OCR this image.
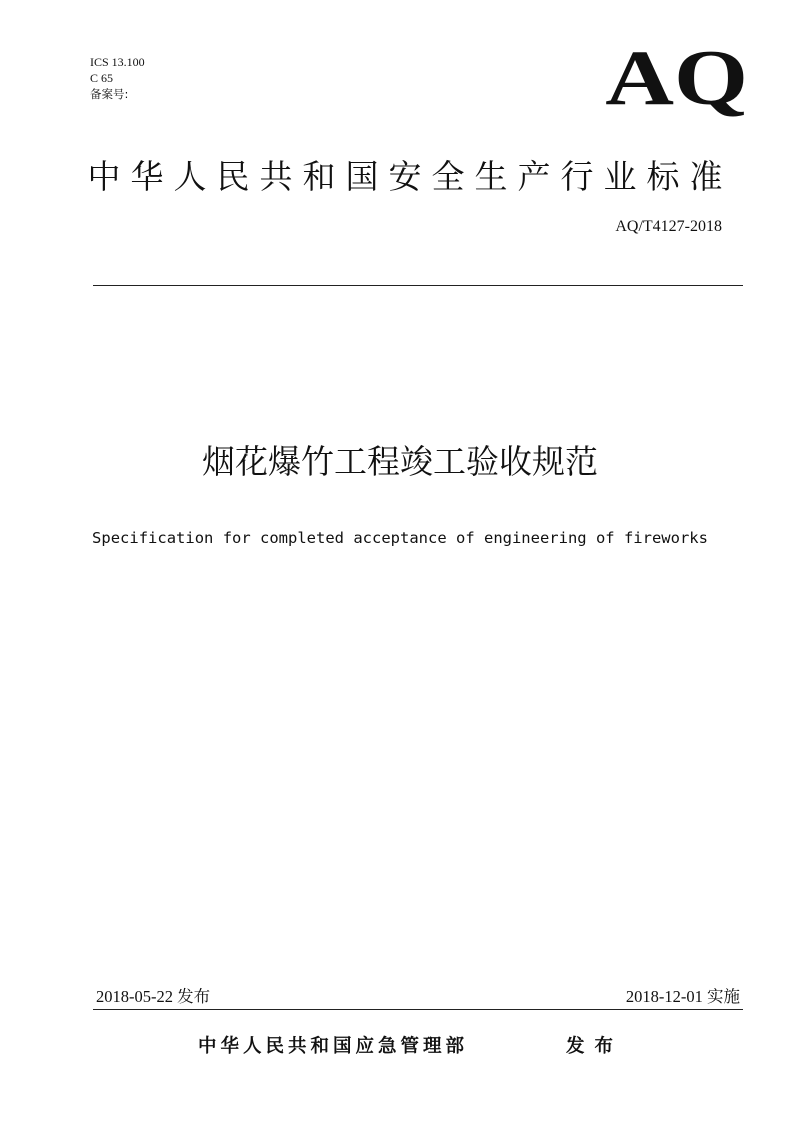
ICS 13.100
C 65
备案号:	AQ
中华人民共和国安全生产行业标准
AQ/T4127-2018
烟花爆竹工程竣工验收规范
Specification for completed acceptance of engineering of fireworks
2018-05-22 发布	2018-12-01 实施
中华人民共和国应急管理部	发布
